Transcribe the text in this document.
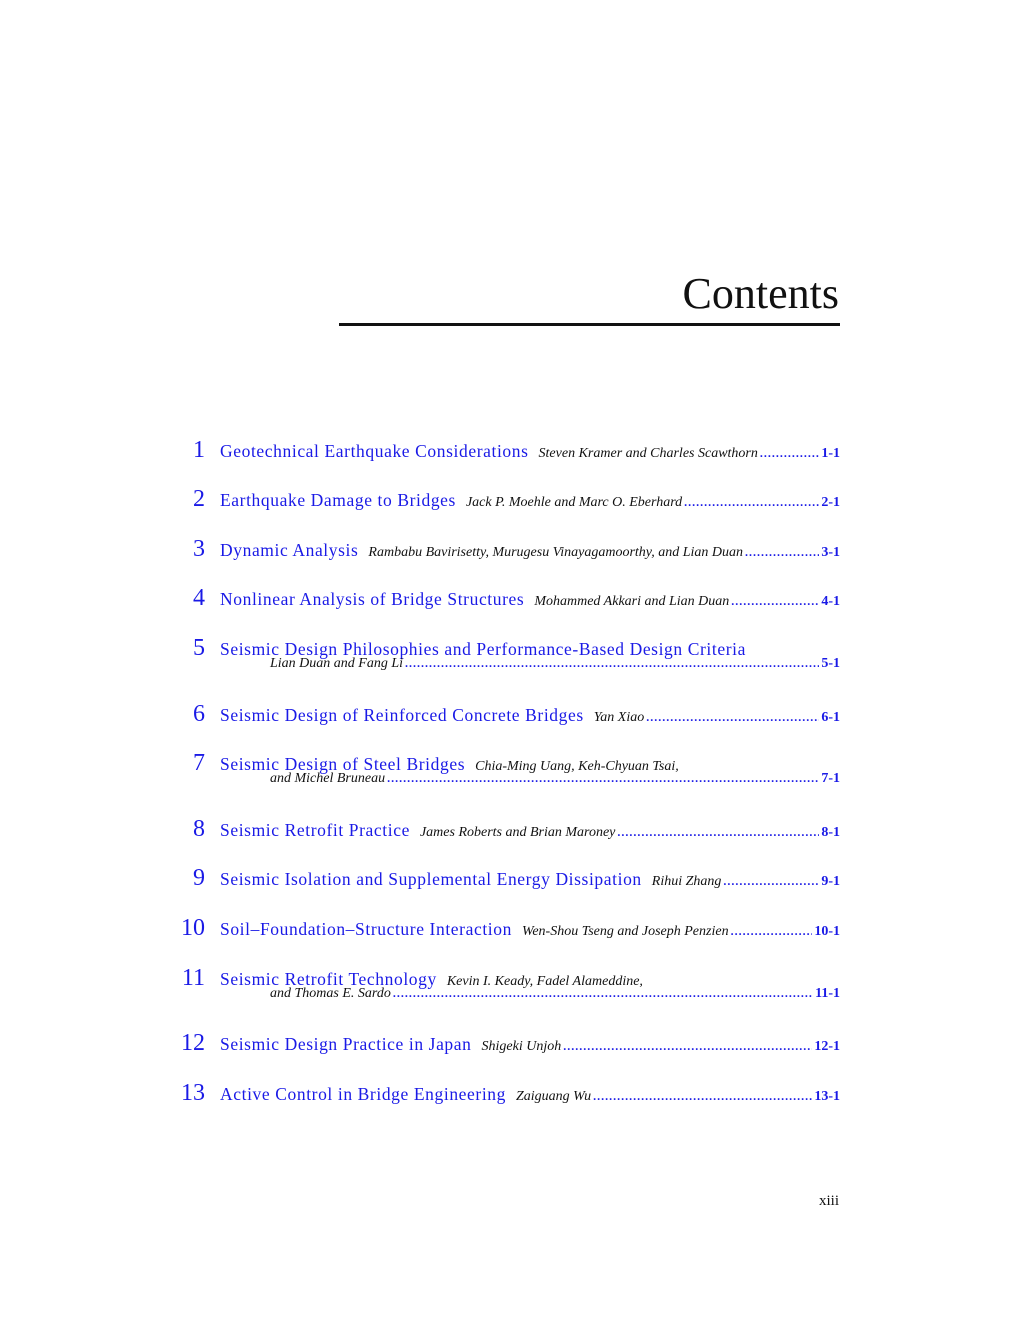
Contents
1 Geotechnical Earthquake Considerations Steven Kramer and Charles Scawthorn .....	1-1
2 Earthquake Damage to Bridges Jack P. Moehle and Marc O. Eberhard .....	2-1
3 Dynamic Analysis Rambabu Bavirisetty, Murugesu Vinayagamoorthy, and Lian Duan .....	3-1
4 Nonlinear Analysis of Bridge Structures Mohammed Akkari and Lian Duan .....	4-1
5 Seismic Design Philosophies and Performance-Based Design Criteria
Lian Duan and Fang Li .....	5-1
6 Seismic Design of Reinforced Concrete Bridges Yan Xiao .....	6-1
7 Seismic Design of Steel Bridges Chia-Ming Uang, Keh-Chyuan Tsai,
and Michel Bruneau .....	7-1
8 Seismic Retrofit Practice James Roberts and Brian Maroney .....	8-1
9 Seismic Isolation and Supplemental Energy Dissipation Rihui Zhang .....	9-1
10 Soil–Foundation–Structure Interaction Wen-Shou Tseng and Joseph Penzien .....	10-1
11 Seismic Retrofit Technology Kevin I. Keady, Fadel Alameddine,
and Thomas E. Sardo .....	11-1
12 Seismic Design Practice in Japan Shigeki Unjoh .....	12-1
13 Active Control in Bridge Engineering Zaiguang Wu .....	13-1
xiii
